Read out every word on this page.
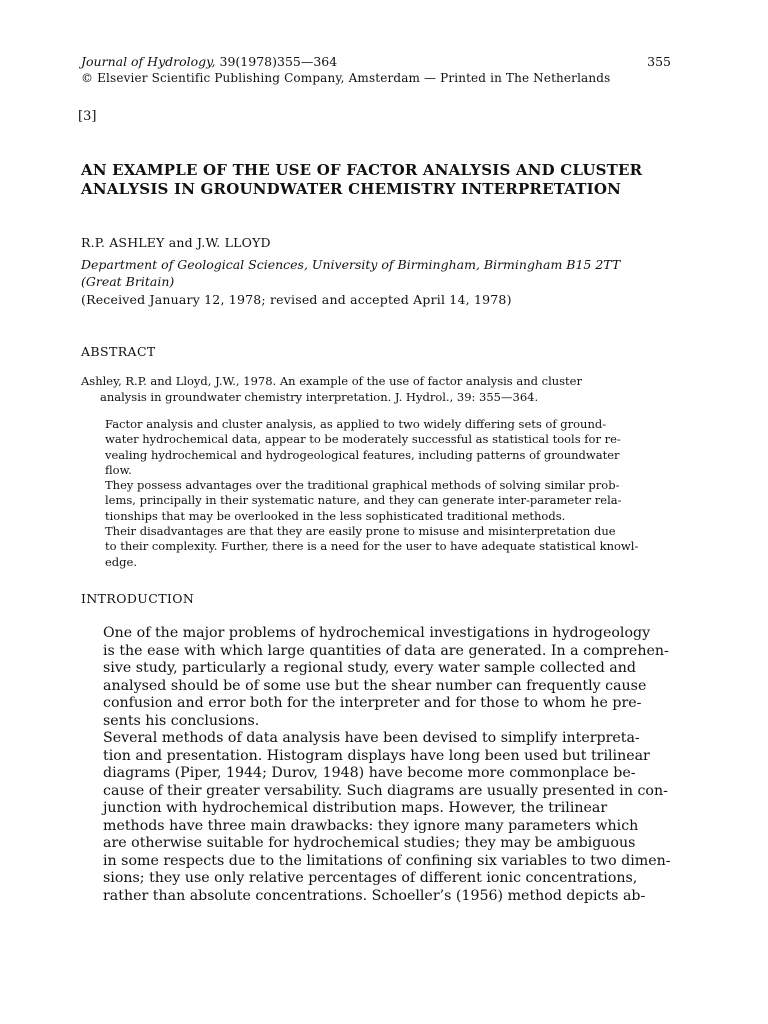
Journal of Hydrology, 39(1978)355—364	355
© Elsevier Scientific Publishing Company, Amsterdam — Printed in The Netherlands
[3]
AN EXAMPLE OF THE USE OF FACTOR ANALYSIS AND CLUSTER
ANALYSIS IN GROUNDWATER CHEMISTRY INTERPRETATION
R.P. ASHLEY and J.W. LLOYD
Department of Geological Sciences, University of Birmingham, Birmingham B15 2TT
(Great Britain)
(Received January 12, 1978; revised and accepted April 14, 1978)
ABSTRACT
Ashley, R.P. and Lloyd, J.W., 1978. An example of the use of factor analysis and cluster
analysis in groundwater chemistry interpretation. J. Hydrol., 39: 355—364.

Factor analysis and cluster analysis, as applied to two widely differing sets of ground-
water hydrochemical data, appear to be moderately successful as statistical tools for re-
vealing hydrochemical and hydrogeological features, including patterns of groundwater
flow.

They possess advantages over the traditional graphical methods of solving similar prob-
lems, principally in their systematic nature, and they can generate inter-parameter rela-
tionships that may be overlooked in the less sophisticated traditional methods.

Their disadvantages are that they are easily prone to misuse and misinterpretation due
to their complexity. Further, there is a need for the user to have adequate statistical knowl-
edge.

INTRODUCTION

One of the major problems of hydrochemical investigations in hydrogeology
is the ease with which large quantities of data are generated. In a comprehen-
sive study, particularly a regional study, every water sample collected and
analysed should be of some use but the shear number can frequently cause
confusion and error both for the interpreter and for those to whom he pre-
sents his conclusions.

Several methods of data analysis have been devised to simplify interpreta-
tion and presentation. Histogram displays have long been used but trilinear
diagrams (Piper, 1944; Durov, 1948) have become more commonplace be-
cause of their greater versability. Such diagrams are usually presented in con-
junction with hydrochemical distribution maps. However, the trilinear
methods have three main drawbacks: they ignore many parameters which
are otherwise suitable for hydrochemical studies; they may be ambiguous
in some respects due to the limitations of confining six variables to two dimen-
sions; they use only relative percentages of different ionic concentrations,
rather than absolute concentrations. Schoeller’s (1956) method depicts ab-
